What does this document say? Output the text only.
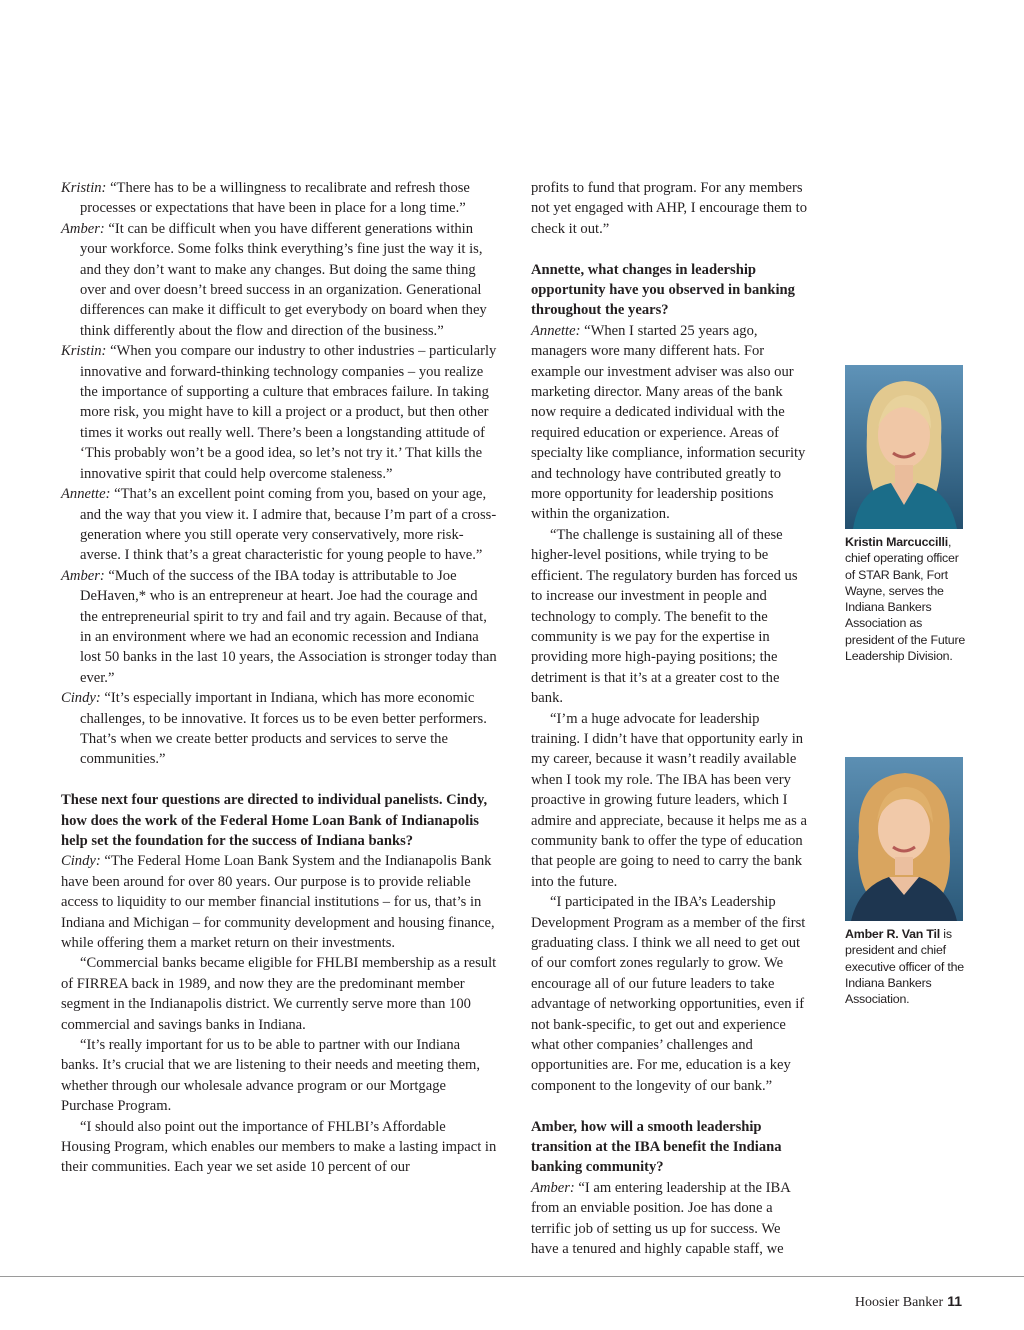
Kristin: “There has to be a willingness to recalibrate and refresh those processes or expectations that have been in place for a long time.”

Amber: “It can be difficult when you have different generations within your workforce. Some folks think everything’s fine just the way it is, and they don’t want to make any changes. But doing the same thing over and over doesn’t breed success in an organization. Generational differences can make it difficult to get everybody on board when they think differently about the flow and direction of the business.”

Kristin: “When you compare our industry to other industries – particularly innovative and forward-thinking technology companies – you realize the importance of supporting a culture that embraces failure. In taking more risk, you might have to kill a project or a product, but then other times it works out really well. There’s been a longstanding attitude of ‘This probably won’t be a good idea, so let’s not try it.’ That kills the innovative spirit that could help overcome staleness.”

Annette: “That’s an excellent point coming from you, based on your age, and the way that you view it. I admire that, because I’m part of a cross-generation where you still operate very conservatively, more risk-averse. I think that’s a great characteristic for young people to have.”

Amber: “Much of the success of the IBA today is attributable to Joe DeHaven,* who is an entrepreneur at heart. Joe had the courage and the entrepreneurial spirit to try and fail and try again. Because of that, in an environment where we had an economic recession and Indiana lost 50 banks in the last 10 years, the Association is stronger today than ever.”

Cindy: “It’s especially important in Indiana, which has more economic challenges, to be innovative. It forces us to be even better performers. That’s when we create better products and services to serve the communities.”

These next four questions are directed to individual panelists. Cindy, how does the work of the Federal Home Loan Bank of Indianapolis help set the foundation for the success of Indiana banks?

Cindy: “The Federal Home Loan Bank System and the Indianapolis Bank have been around for over 80 years. Our purpose is to provide reliable access to liquidity to our member financial institutions – for us, that’s in Indiana and Michigan – for community development and housing finance, while offering them a market return on their investments.

“Commercial banks became eligible for FHLBI membership as a result of FIRREA back in 1989, and now they are the predominant member segment in the Indianapolis district. We currently serve more than 100 commercial and savings banks in Indiana.

“It’s really important for us to be able to partner with our Indiana banks. It’s crucial that we are listening to their needs and meeting them, whether through our wholesale advance program or our Mortgage Purchase Program.

“I should also point out the importance of FHLBI’s Affordable Housing Program, which enables our members to make a lasting impact in their communities. Each year we set aside 10 percent of our

profits to fund that program. For any members not yet engaged with AHP, I encourage them to check it out.”

Annette, what changes in leadership opportunity have you observed in banking throughout the years?

Annette: “When I started 25 years ago, managers wore many different hats. For example our investment adviser was also our marketing director. Many areas of the bank now require a dedicated individual with the required education or experience. Areas of specialty like compliance, information security and technology have contributed greatly to more opportunity for leadership positions within the organization.

“The challenge is sustaining all of these higher-level positions, while trying to be efficient. The regulatory burden has forced us to increase our investment in people and technology to comply. The benefit to the community is we pay for the expertise in providing more high-paying positions; the detriment is that it’s at a greater cost to the bank.

“I’m a huge advocate for leadership training. I didn’t have that opportunity early in my career, because it wasn’t readily available when I took my role. The IBA has been very proactive in growing future leaders, which I admire and appreciate, because it helps me as a community bank to offer the type of education that people are going to need to carry the bank into the future.

“I participated in the IBA’s Leadership Development Program as a member of the first graduating class. I think we all need to get out of our comfort zones regularly to grow. We encourage all of our future leaders to take advantage of networking opportunities, even if not bank-specific, to get out and experience what other companies’ challenges and opportunities are. For me, education is a key component to the longevity of our bank.”

Amber, how will a smooth leadership transition at the IBA benefit the Indiana banking community?

Amber: “I am entering leadership at the IBA from an enviable position. Joe has done a terrific job of setting us up for success. We have a tenured and highly capable staff, we

Kristin Marcuccilli, chief operating officer of STAR Bank, Fort Wayne, serves the Indiana Bankers Association as president of the Future Leadership Division.
Amber R. Van Til is president and chief executive officer of the Indiana Bankers Association.
Hoosier Banker 11
